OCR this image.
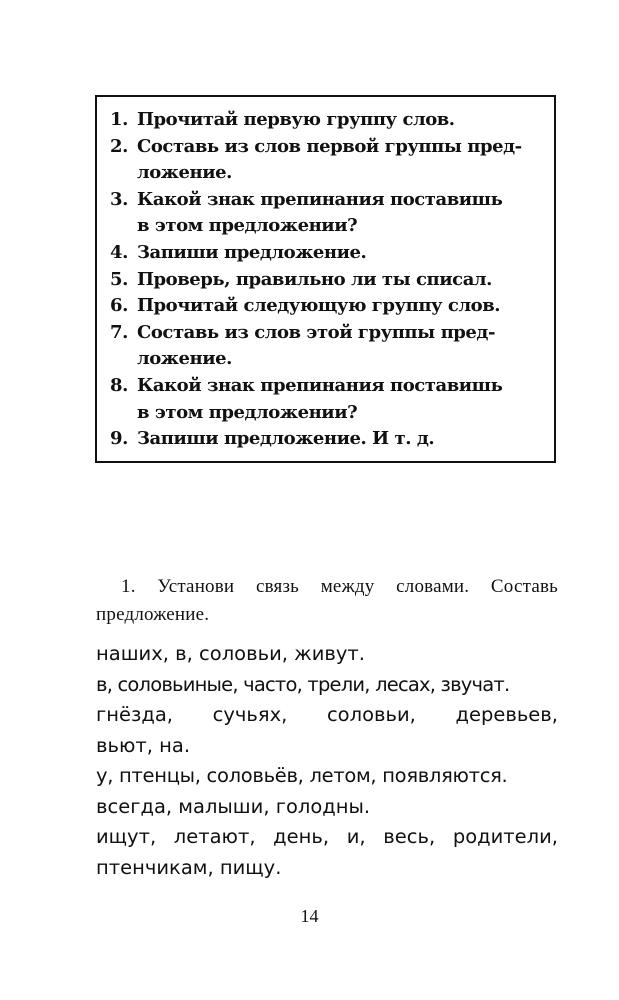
1. Прочитай первую группу слов.
2. Составь из слов первой группы пред-
ложение.
3. Какой знак препинания поставишь
в этом предложении?
4. Запиши предложение.
5. Проверь, правильно ли ты списал.
6. Прочитай следующую группу слов.
7. Составь из слов этой группы пред-
ложение.
8. Какой знак препинания поставишь
в этом предложении?
9. Запиши предложение. И т. д.

1. Установи связь между словами. Составь предложение.

наших, в, соловьи, живут.
в, соловьиные, часто, трели, лесах, звучат.
гнёзда, сучьях, соловьи, деревьев,
вьют, на.
у, птенцы, соловьёв, летом, появляются.
всегда, малыши, голодны.
ищут, летают, день, и, весь, родители,
птенчикам, пищу.
14
